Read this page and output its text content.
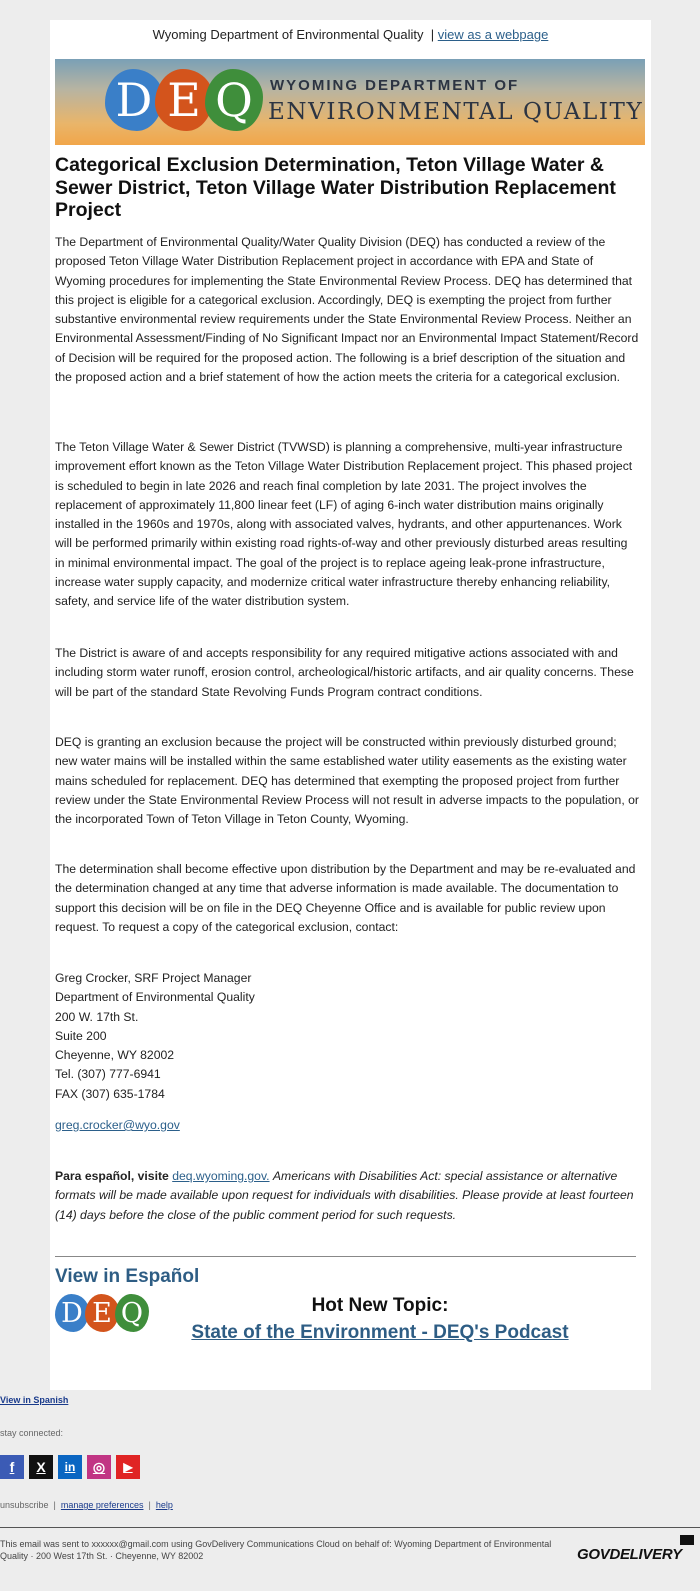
Wyoming Department of Environmental Quality | view as a webpage
D E Q	WYOMING DEPARTMENT OF
ENVIRONMENTAL QUALITY
Categorical Exclusion Determination, Teton Village Water & Sewer District, Teton Village Water Distribution Replacement Project

The Department of Environmental Quality/Water Quality Division (DEQ) has conducted a review of the proposed Teton Village Water Distribution Replacement project in accordance with EPA and State of Wyoming procedures for implementing the State Environmental Review Process. DEQ has determined that this project is eligible for a categorical exclusion. Accordingly, DEQ is exempting the project from further substantive environmental review requirements under the State Environmental Review Process. Neither an Environmental Assessment/Finding of No Significant Impact nor an Environmental Impact Statement/Record of Decision will be required for the proposed action. The following is a brief description of the situation and the proposed action and a brief statement of how the action meets the criteria for a categorical exclusion.

The Teton Village Water & Sewer District (TVWSD) is planning a comprehensive, multi-year infrastructure improvement effort known as the Teton Village Water Distribution Replacement project. This phased project is scheduled to begin in late 2026 and reach final completion by late 2031. The project involves the replacement of approximately 11,800 linear feet (LF) of aging 6-inch water distribution mains originally installed in the 1960s and 1970s, along with associated valves, hydrants, and other appurtenances. Work will be performed primarily within existing road rights-of-way and other previously disturbed areas resulting in minimal environmental impact. The goal of the project is to replace ageing leak-prone infrastructure, increase water supply capacity, and modernize critical water infrastructure thereby enhancing reliability, safety, and service life of the water distribution system.

The District is aware of and accepts responsibility for any required mitigative actions associated with and including storm water runoff, erosion control, archeological/historic artifacts, and air quality concerns. These will be part of the standard State Revolving Funds Program contract conditions.

DEQ is granting an exclusion because the project will be constructed within previously disturbed ground; new water mains will be installed within the same established water utility easements as the existing water mains scheduled for replacement. DEQ has determined that exempting the proposed project from further review under the State Environmental Review Process will not result in adverse impacts to the population, or the incorporated Town of Teton Village in Teton County, Wyoming.

The determination shall become effective upon distribution by the Department and may be re-evaluated and the determination changed at any time that adverse information is made available. The documentation to support this decision will be on file in the DEQ Cheyenne Office and is available for public review upon request. To request a copy of the categorical exclusion, contact:

Greg Crocker, SRF Project Manager
Department of Environmental Quality
200 W. 17th St.
Suite 200
Cheyenne, WY 82002
Tel. (307) 777-6941
FAX (307) 635-1784

greg.crocker@wyo.gov

Para español, visite deq.wyoming.gov. Americans with Disabilities Act: special assistance or alternative formats will be made available upon request for individuals with disabilities. Please provide at least fourteen (14) days before the close of the public comment period for such requests.

View in Español
D E Q	Hot New Topic:
State of the Environment - DEQ's Podcast
View in Spanish
stay connected:
f	X	in	◎	▶
unsubscribe | manage preferences | help
This email was sent to xxxxxx@gmail.com using GovDelivery Communications Cloud on behalf of: Wyoming Department of Environmental Quality · 200 West 17th St. · Cheyenne, WY 82002	GOVDELIVERY
